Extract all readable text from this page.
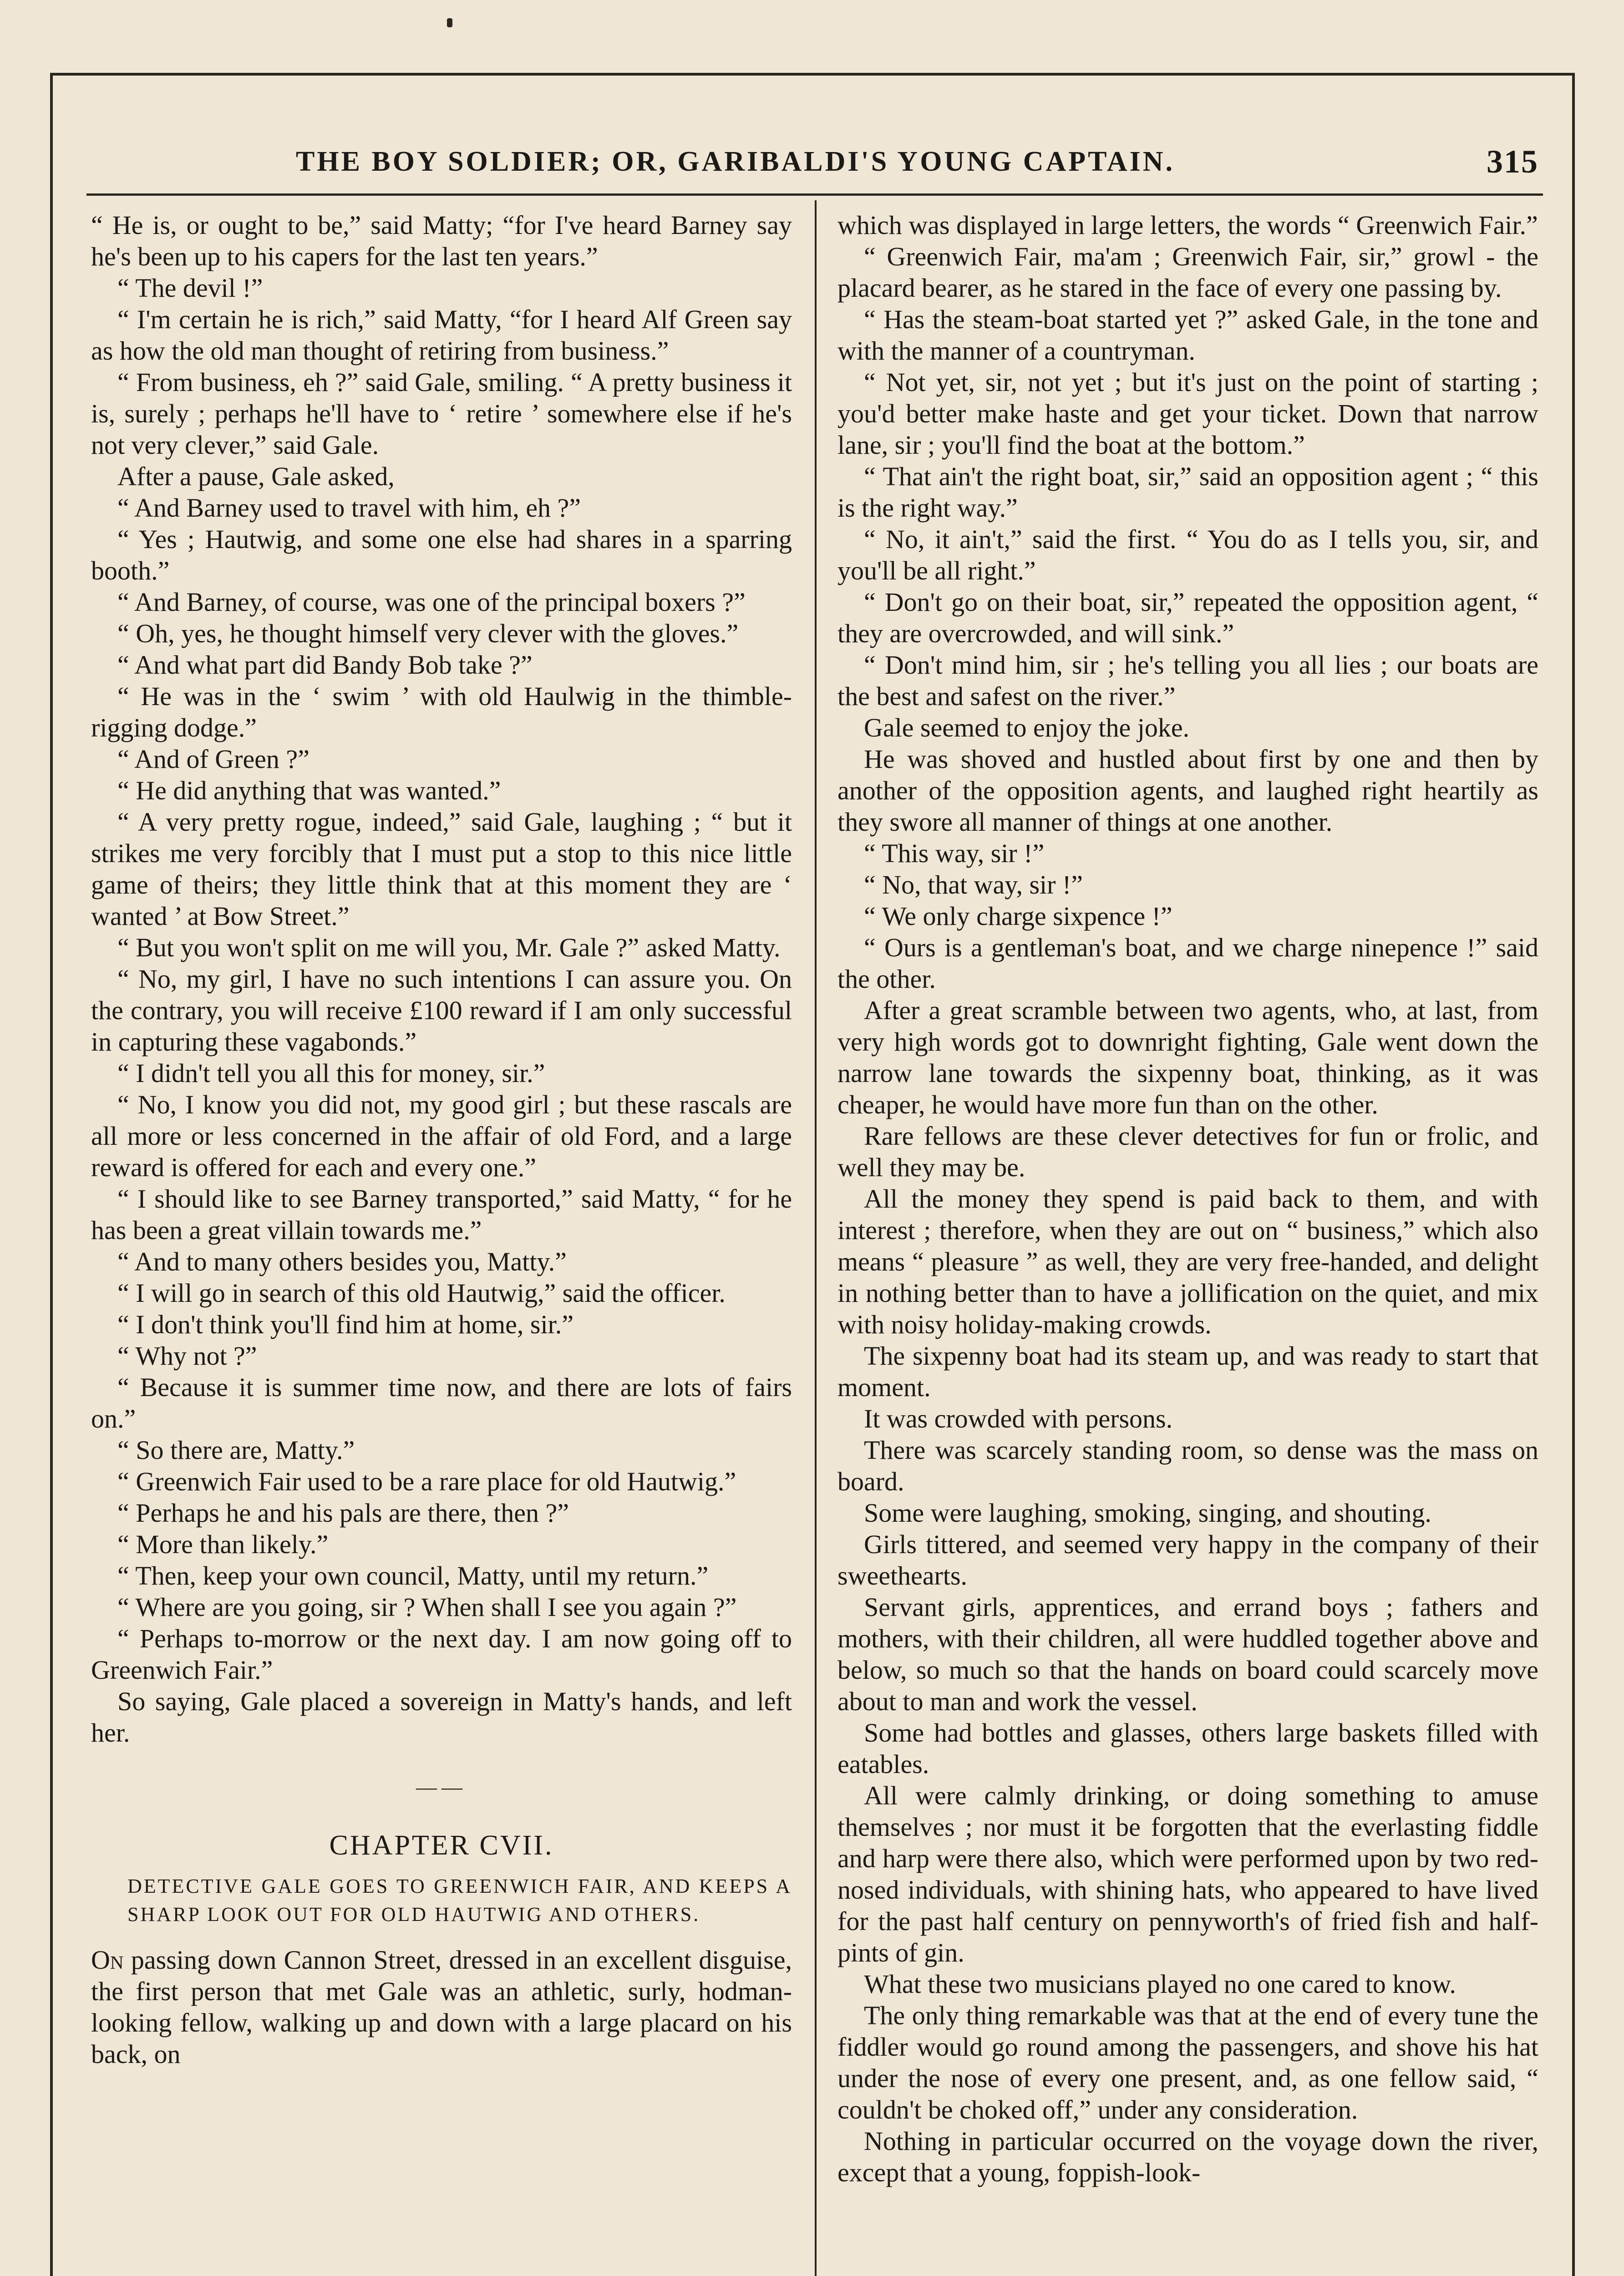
THE BOY SOLDIER; OR, GARIBALDI'S YOUNG CAPTAIN.	315

“ He is, or ought to be,” said Matty; “for I've heard Barney say he's been up to his capers for the last ten years.”

“ The devil !”

“ I'm certain he is rich,” said Matty, “for I heard Alf Green say as how the old man thought of retiring from business.”

“ From business, eh ?” said Gale, smiling. “ A pretty business it is, surely ; perhaps he'll have to ‘ retire ’ somewhere else if he's not very clever,” said Gale.

After a pause, Gale asked,

“ And Barney used to travel with him, eh ?”

“ Yes ; Hautwig, and some one else had shares in a sparring booth.”

“ And Barney, of course, was one of the principal boxers ?”

“ Oh, yes, he thought himself very clever with the gloves.”

“ And what part did Bandy Bob take ?”

“ He was in the ‘ swim ’ with old Haulwig in the thimble-rigging dodge.”

“ And of Green ?”

“ He did anything that was wanted.”

“ A very pretty rogue, indeed,” said Gale, laughing ; “ but it strikes me very forcibly that I must put a stop to this nice little game of theirs; they little think that at this moment they are ‘ wanted ’ at Bow Street.”

“ But you won't split on me will you, Mr. Gale ?” asked Matty.

“ No, my girl, I have no such intentions I can assure you. On the contrary, you will receive £100 reward if I am only successful in capturing these vagabonds.”

“ I didn't tell you all this for money, sir.”

“ No, I know you did not, my good girl ; but these rascals are all more or less concerned in the affair of old Ford, and a large reward is offered for each and every one.”

“ I should like to see Barney transported,” said Matty, “ for he has been a great villain towards me.”

“ And to many others besides you, Matty.”

“ I will go in search of this old Hautwig,” said the officer.

“ I don't think you'll find him at home, sir.”

“ Why not ?”

“ Because it is summer time now, and there are lots of fairs on.”

“ So there are, Matty.”

“ Greenwich Fair used to be a rare place for old Hautwig.”

“ Perhaps he and his pals are there, then ?”

“ More than likely.”

“ Then, keep your own council, Matty, until my return.”

“ Where are you going, sir ? When shall I see you again ?”

“ Perhaps to-morrow or the next day. I am now going off to Greenwich Fair.”

So saying, Gale placed a sovereign in Matty's hands, and left her.

——

CHAPTER CVII.

DETECTIVE GALE GOES TO GREENWICH FAIR, AND KEEPS A SHARP LOOK OUT FOR OLD HAUTWIG AND OTHERS.

On passing down Cannon Street, dressed in an excellent disguise, the first person that met Gale was an athletic, surly, hodman-looking fellow, walking up and down with a large placard on his back, on

which was displayed in large letters, the words “ Greenwich Fair.”

“ Greenwich Fair, ma'am ; Greenwich Fair, sir,” growl - the placard bearer, as he stared in the face of every one passing by.

“ Has the steam-boat started yet ?” asked Gale, in the tone and with the manner of a countryman.

“ Not yet, sir, not yet ; but it's just on the point of starting ; you'd better make haste and get your ticket. Down that narrow lane, sir ; you'll find the boat at the bottom.”

“ That ain't the right boat, sir,” said an opposition agent ; “ this is the right way.”

“ No, it ain't,” said the first. “ You do as I tells you, sir, and you'll be all right.”

“ Don't go on their boat, sir,” repeated the opposition agent, “ they are overcrowded, and will sink.”

“ Don't mind him, sir ; he's telling you all lies ; our boats are the best and safest on the river.”

Gale seemed to enjoy the joke.

He was shoved and hustled about first by one and then by another of the opposition agents, and laughed right heartily as they swore all manner of things at one another.

“ This way, sir !”

“ No, that way, sir !”

“ We only charge sixpence !”

“ Ours is a gentleman's boat, and we charge ninepence !” said the other.

After a great scramble between two agents, who, at last, from very high words got to downright fighting, Gale went down the narrow lane towards the sixpenny boat, thinking, as it was cheaper, he would have more fun than on the other.

Rare fellows are these clever detectives for fun or frolic, and well they may be.

All the money they spend is paid back to them, and with interest ; therefore, when they are out on “ business,” which also means “ pleasure ” as well, they are very free-handed, and delight in nothing better than to have a jollification on the quiet, and mix with noisy holiday-making crowds.

The sixpenny boat had its steam up, and was ready to start that moment.

It was crowded with persons.

There was scarcely standing room, so dense was the mass on board.

Some were laughing, smoking, singing, and shouting.

Girls tittered, and seemed very happy in the company of their sweethearts.

Servant girls, apprentices, and errand boys ; fathers and mothers, with their children, all were huddled together above and below, so much so that the hands on board could scarcely move about to man and work the vessel.

Some had bottles and glasses, others large baskets filled with eatables.

All were calmly drinking, or doing something to amuse themselves ; nor must it be forgotten that the everlasting fiddle and harp were there also, which were performed upon by two red-nosed individuals, with shining hats, who appeared to have lived for the past half century on pennyworth's of fried fish and half-pints of gin.

What these two musicians played no one cared to know.

The only thing remarkable was that at the end of every tune the fiddler would go round among the passengers, and shove his hat under the nose of every one present, and, as one fellow said, “ couldn't be choked off,” under any consideration.

Nothing in particular occurred on the voyage down the river, except that a young, foppish-look-
